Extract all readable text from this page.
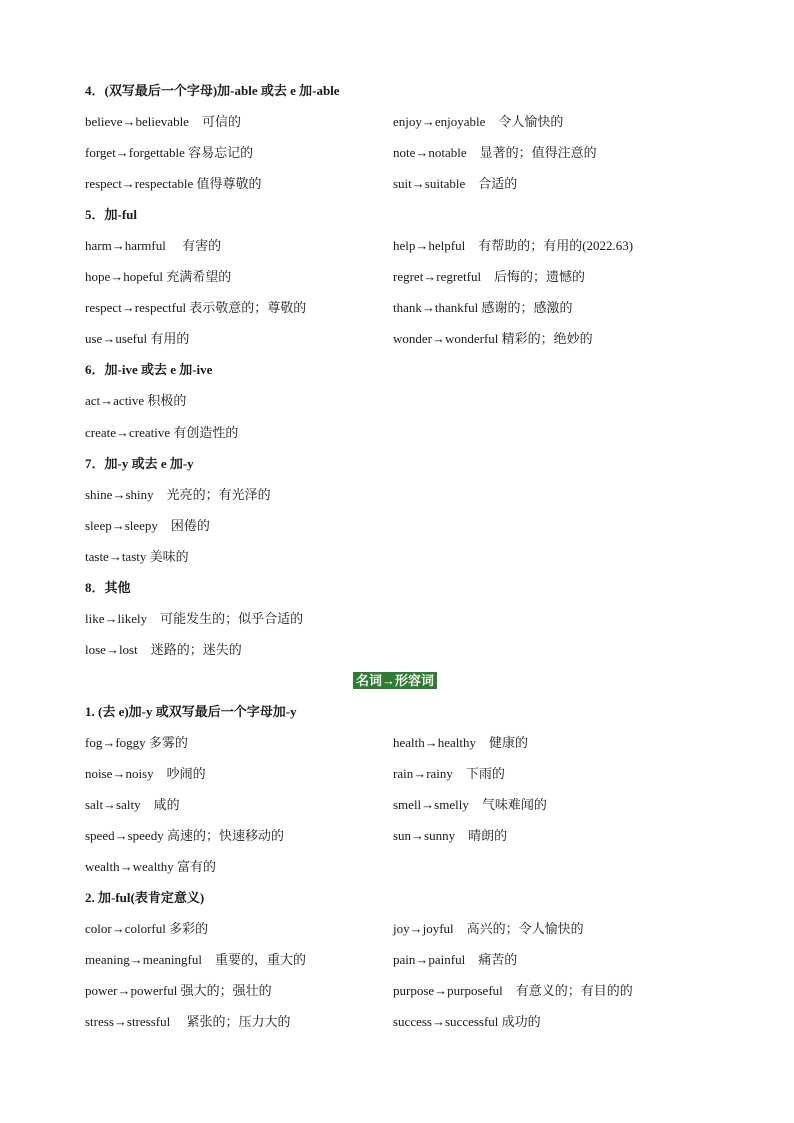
4．(双写最后一个字母)加-able 或去 e 加-able
believe→believable　可信的	enjoy→enjoyable　令人愉快的
forget→forgettable 容易忘记的	note→notable　显著的；值得注意的
respect→respectable 值得尊敬的	suit→suitable　合适的
5．加-ful
harm→harmful　 有害的	help→helpful　有帮助的；有用的(2022.63)
hope→hopeful 充满希望的	regret→regretful　后悔的；遗憾的
respect→respectful 表示敬意的；尊敬的	thank→thankful 感谢的；感激的
use→useful 有用的	wonder→wonderful 精彩的；绝妙的
6．加-ive 或去 e 加-ive
act→active 积极的
create→creative 有创造性的
7．加-y 或去 e 加-y
shine→shiny　光亮的；有光泽的
sleep→sleepy　困倦的
taste→tasty 美味的
8．其他
like→likely　可能发生的；似乎合适的
lose→lost　迷路的；迷失的
名词→形容词
1. (去 e)加-y 或双写最后一个字母加-y
fog→foggy 多雾的	health→healthy　健康的
noise→noisy　吵闹的	rain→rainy　下雨的
salt→salty　咸的	smell→smelly　气味难闻的
speed→speedy 高速的；快速移动的	sun→sunny　晴朗的
wealth→wealthy 富有的
2. 加-ful(表肯定意义)
color→colorful 多彩的	joy→joyful　高兴的；令人愉快的
meaning→meaningful　重要的，重大的	pain→painful　痛苦的
power→powerful 强大的；强壮的	purpose→purposeful　有意义的；有目的的
stress→stressful　 紧张的；压力大的	success→successful 成功的
